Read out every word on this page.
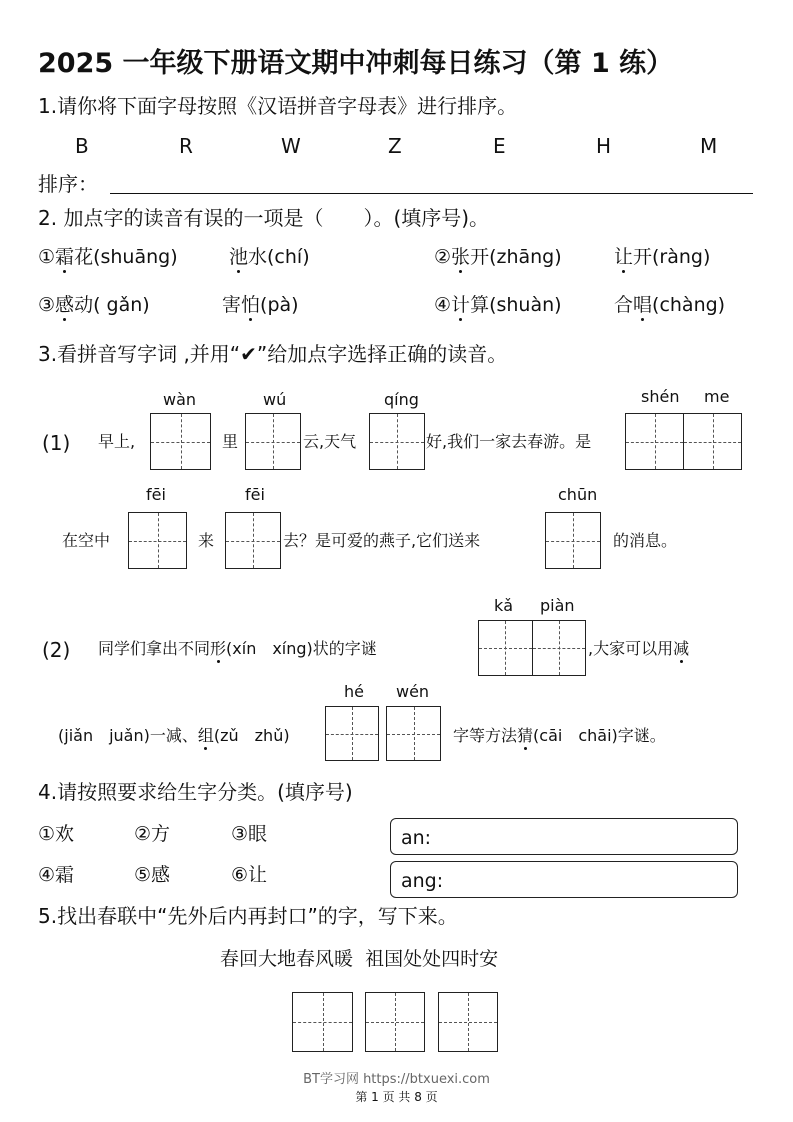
2025 一年级下册语文期中冲刺每日练习（第 1 练）
1.请你将下面字母按照《汉语拼音字母表》进行排序。
B	R	W	Z	E	H	M
排序：
2. 加点字的读音有误的一项是（　　）。(填序号)。
①霜花(shuāng)	池水(chí)	②张开(zhāng)	让开(ràng)
③感动( gǎn)	害怕(pà)	④计算(shuàn)	合唱(chàng)
3.看拼音写字词 ,并用“✔”给加点字选择正确的读音。
(1) 早上,
wàn
里
wú
云,天气
qíng
好,我们一家去春游。是
shén me
在空中
fēi
来
fēi
去？是可爱的燕子,它们送来
chūn
的消息。
(2) 同学们拿出不同形(xín　xíng)状的字谜
kǎ piàn
,大家可以用减
(jiǎn　juǎn)一减、组(zǔ　zhǔ)
hé wén
字等方法猜(cāi　chāi)字谜。
4.请按照要求给生字分类。(填序号)
①欢	②方	③眼
④霜	⑤感	⑥让
an:
ang:
5.找出春联中“先外后内再封口”的字，写下来。
春回大地春风暖  祖国处处四时安
BT学习网 https://btxuexi.com
第 1 页 共 8 页
